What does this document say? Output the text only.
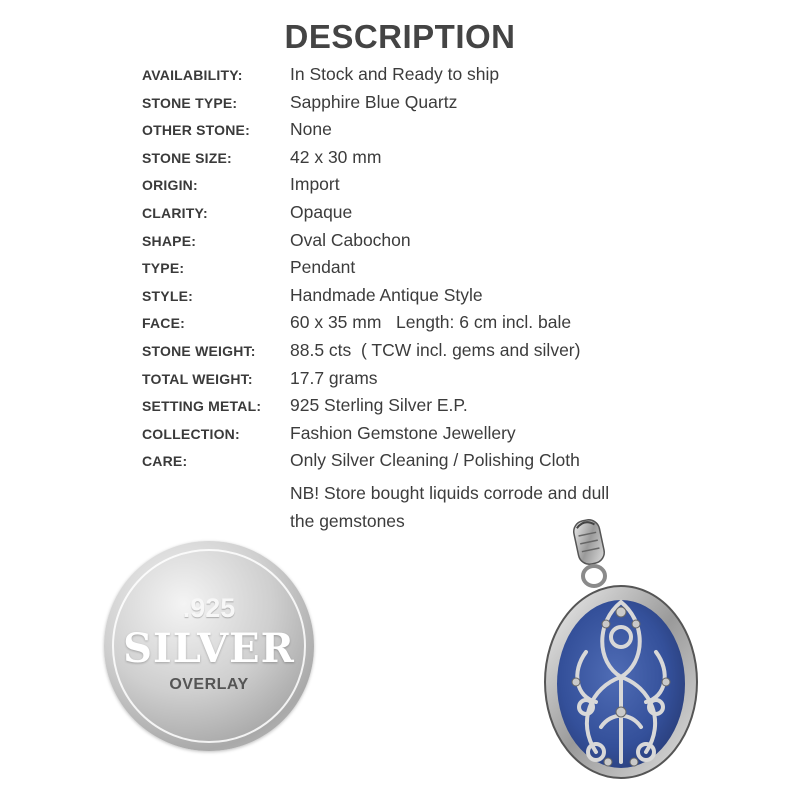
DESCRIPTION
AVAILABILITY:	In Stock and Ready to ship
STONE TYPE:	Sapphire Blue Quartz
OTHER STONE:	None
STONE SIZE:	42 x 30 mm
ORIGIN:	Import
CLARITY:	Opaque
SHAPE:	Oval Cabochon
TYPE:	Pendant
STYLE:	Handmade Antique Style
FACE:	60 x 35 mm   Length: 6 cm incl. bale
STONE WEIGHT:	88.5 cts  ( TCW incl. gems and silver)
TOTAL WEIGHT:	17.7 grams
SETTING METAL:	925 Sterling Silver E.P.
COLLECTION:	Fashion Gemstone Jewellery
CARE:	Only Silver Cleaning / Polishing Cloth
NB! Store bought liquids corrode and dull
the gemstones
.925
SILVER
OVERLAY
